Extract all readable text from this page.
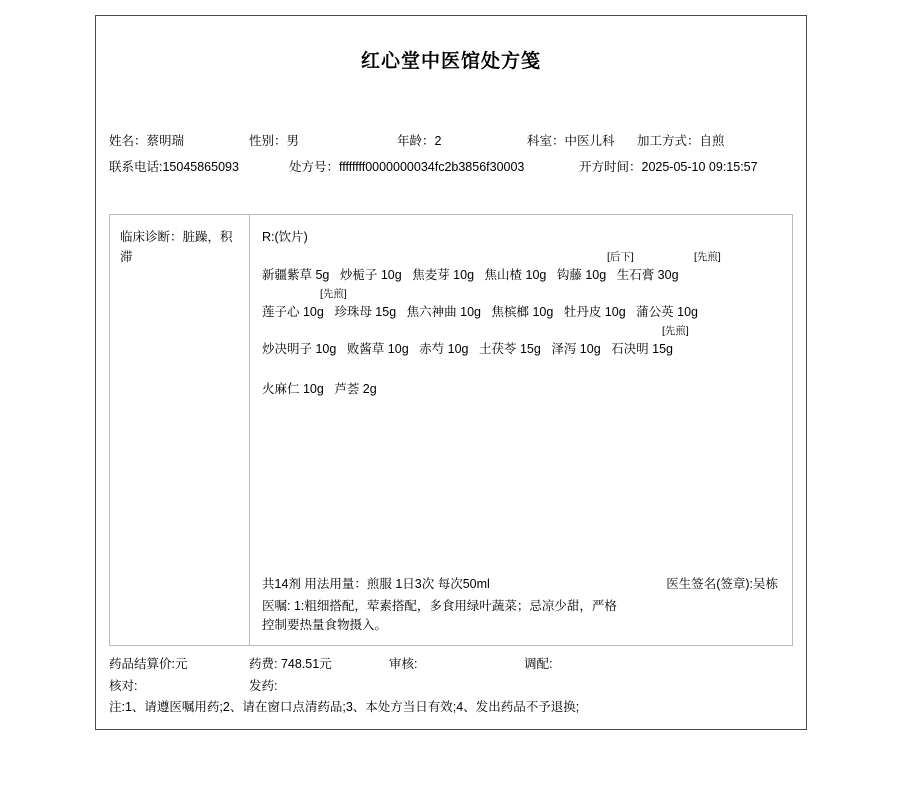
红心堂中医馆处方笺
姓名：蔡明瑞	性别：男	年龄：2	科室：中医儿科	加工方式：自煎
联系电话:15045865093	处方号：ffffffff0000000034fc2b3856f30003	开方时间：2025-05-10 09:15:57
临床诊断：脏躁，积滞
R:(饮片)
[后下]	[先煎]
新疆紫草 5g 炒栀子 10g 焦麦芽 10g 焦山楂 10g 钩藤 10g 生石膏 30g
[先煎]
莲子心 10g 珍珠母 15g 焦六神曲 10g 焦槟榔 10g 牡丹皮 10g 蒲公英 10g
[先煎]
炒决明子 10g 败酱草 10g 赤芍 10g 土茯苓 15g 泽泻 10g 石决明 15g
火麻仁 10g 芦荟 2g
共14剂 用法用量：煎服 1日3次 每次50ml	医生签名(签章):吴栋
医嘱: 1:粗细搭配，荤素搭配，多食用绿叶蔬菜；忌凉少甜，严格
控制要热量食物摄入。
药品结算价:元	药费: 748.51元	审核:	调配:
核对:	发药:
注:1、请遵医嘱用药;2、请在窗口点清药品;3、本处方当日有效;4、发出药品不予退换;
